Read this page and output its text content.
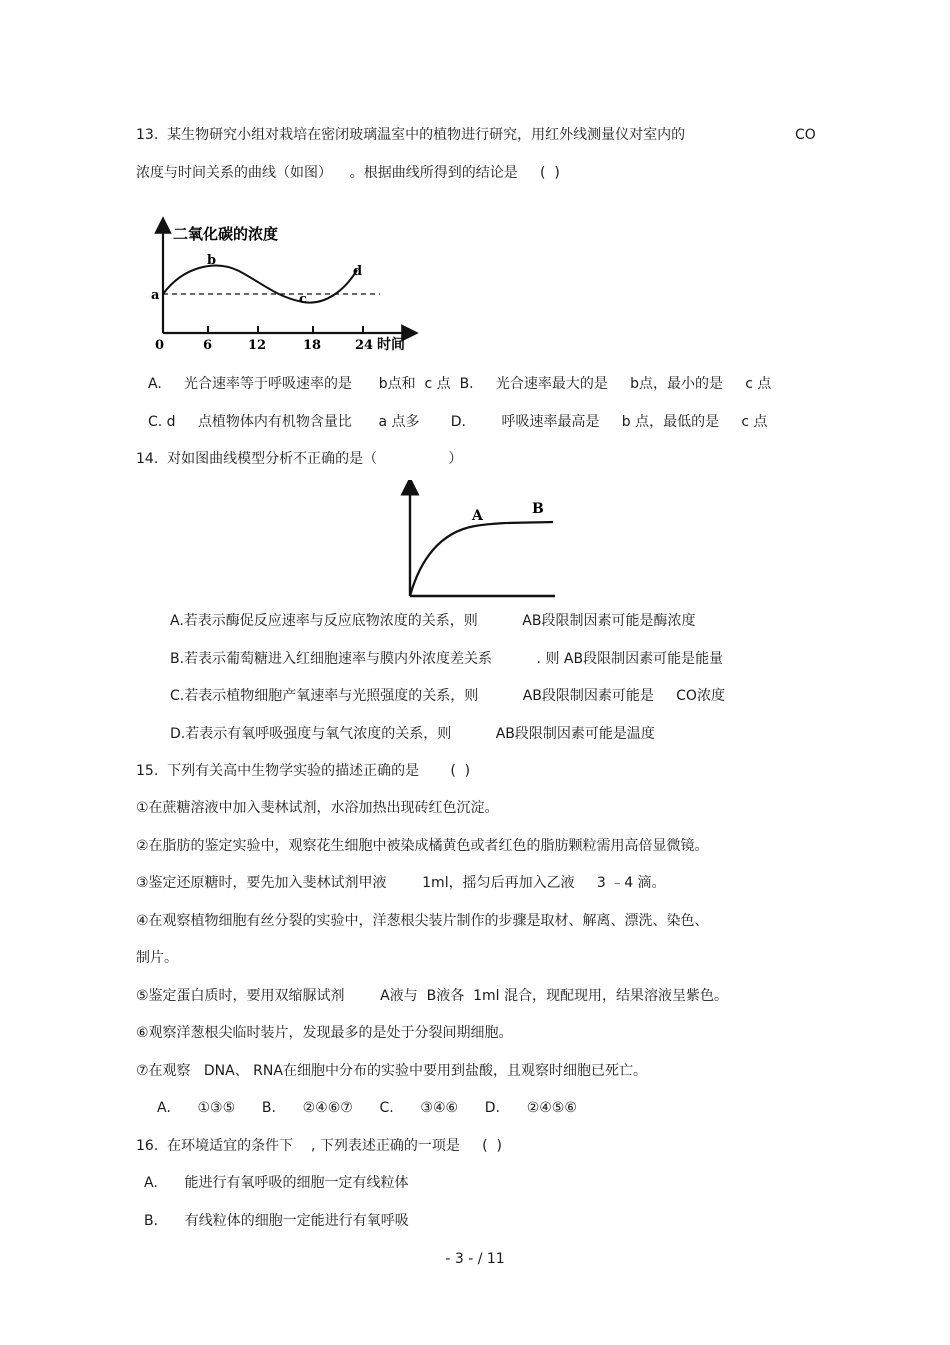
13.  某生物研究小组对栽培在密闭玻璃温室中的植物进行研究，用红外线测量仪对室内的	CO
浓度与时间关系的曲线（如图）    。根据曲线所得到的结论是     (  )
二氧化碳的浓度
a
b
c
d
0	6	12	18	24 时间
A.     光合速率等于呼吸速率的是      b点和  c 点  B.     光合速率最大的是     b点，最小的是     c 点
C. d     点植物体内有机物含量比      a 点多       D.        呼吸速率最高是     b 点，最低的是     c 点
14.  对如图曲线模型分析不正确的是（                ）
A	B
A.若表示酶促反应速率与反应底物浓度的关系，则          AB段限制因素可能是酶浓度
B.若表示葡萄糖进入红细胞速率与膜内外浓度差关系          . 则 AB段限制因素可能是能量
C.若表示植物细胞产氧速率与光照强度的关系，则          AB段限制因素可能是     CO浓度
D.若表示有氧呼吸强度与氧气浓度的关系，则          AB段限制因素可能是温度
15.  下列有关高中生物学实验的描述正确的是       (  )
①在蔗糖溶液中加入斐林试剂，水浴加热出现砖红色沉淀。
②在脂肪的鉴定实验中，观察花生细胞中被染成橘黄色或者红色的脂肪颗粒需用高倍显微镜。
③鉴定还原糖时，要先加入斐林试剂甲液        1ml，摇匀后再加入乙液     3 ﹣4 滴。
④在观察植物细胞有丝分裂的实验中，洋葱根尖装片制作的步骤是取材、解离、漂洗、染色、
制片。
⑤鉴定蛋白质时，要用双缩脲试剂        A液与  B液各  1ml 混合，现配现用，结果溶液呈紫色。
⑥观察洋葱根尖临时装片，发现最多的是处于分裂间期细胞。
⑦在观察   DNA、 RNA在细胞中分布的实验中要用到盐酸，且观察时细胞已死亡。
A.      ①③⑤      B.      ②④⑥⑦      C.      ③④⑥      D.      ②④⑤⑥
16.  在环境适宜的条件下    , 下列表述正确的一项是     (  )
A.      能进行有氧呼吸的细胞一定有线粒体
B.      有线粒体的细胞一定能进行有氧呼吸
- 3 - / 11
